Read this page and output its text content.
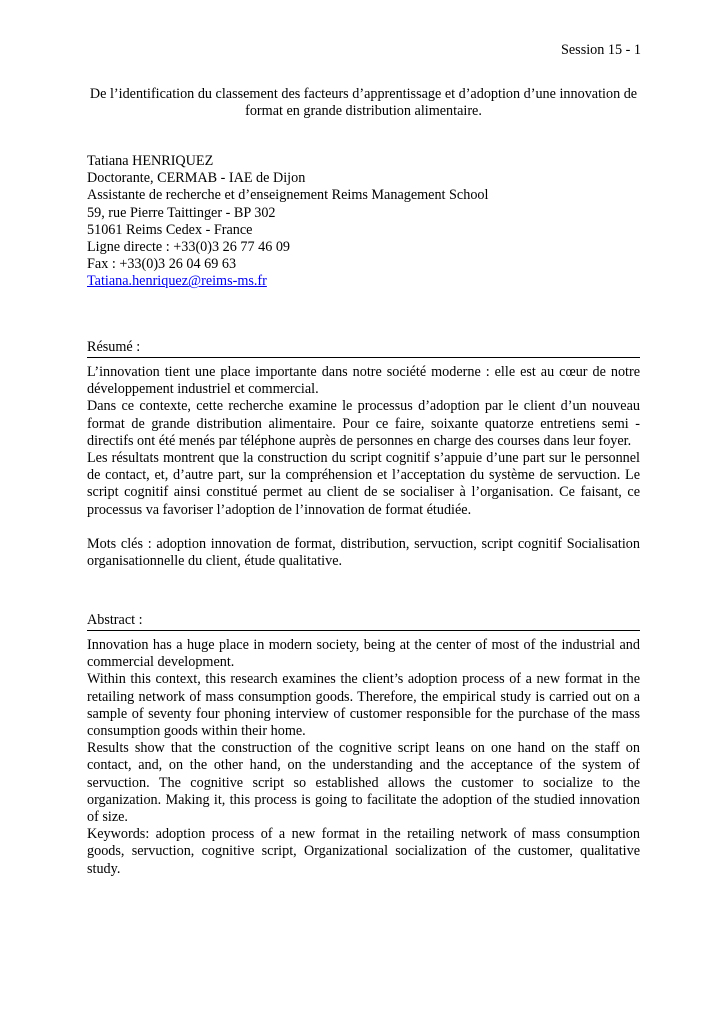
Session 15 - 1
De l’identification du classement des facteurs d’apprentissage et d’adoption d’une innovation de format en grande distribution alimentaire.
Tatiana HENRIQUEZ
Doctorante, CERMAB - IAE de Dijon
Assistante de recherche et d’enseignement Reims Management School
59, rue Pierre Taittinger - BP 302
51061 Reims Cedex - France
Ligne directe : +33(0)3 26 77 46 09
Fax : +33(0)3 26 04 69 63
Tatiana.henriquez@reims-ms.fr
Résumé :

L’innovation tient une place importante dans notre société moderne : elle est au cœur de notre développement industriel et commercial.

Dans ce contexte, cette recherche examine le processus d’adoption par le client d’un nouveau format de grande distribution alimentaire. Pour ce faire, soixante quatorze entretiens semi - directifs ont été menés par téléphone auprès de personnes en charge des courses dans leur foyer.

Les résultats montrent que la construction du script cognitif s’appuie d’une part sur le personnel de contact, et, d’autre part, sur la compréhension et l’acceptation du système de servuction. Le script cognitif ainsi constitué permet au client de se socialiser à l’organisation. Ce faisant, ce processus va favoriser l’adoption de l’innovation de format étudiée.

Mots clés : adoption innovation de format, distribution, servuction, script cognitif Socialisation organisationnelle du client, étude qualitative.

Abstract :

Innovation has a huge place in modern society, being at the center of most of the industrial and commercial development.

Within this context, this research examines the client’s adoption process of a new format in the retailing network of mass consumption goods. Therefore, the empirical study is carried out on a sample of seventy four phoning interview of customer responsible for the purchase of the mass consumption goods within their home.

Results show that the construction of the cognitive script leans on one hand on the staff on contact, and, on the other hand, on the understanding and the acceptance of the system of servuction. The cognitive script so established allows the customer to socialize to the organization. Making it, this process is going to facilitate the adoption of the studied innovation of size.

Keywords: adoption process of a new format in the retailing network of mass consumption goods, servuction, cognitive script, Organizational socialization of the customer, qualitative study.
